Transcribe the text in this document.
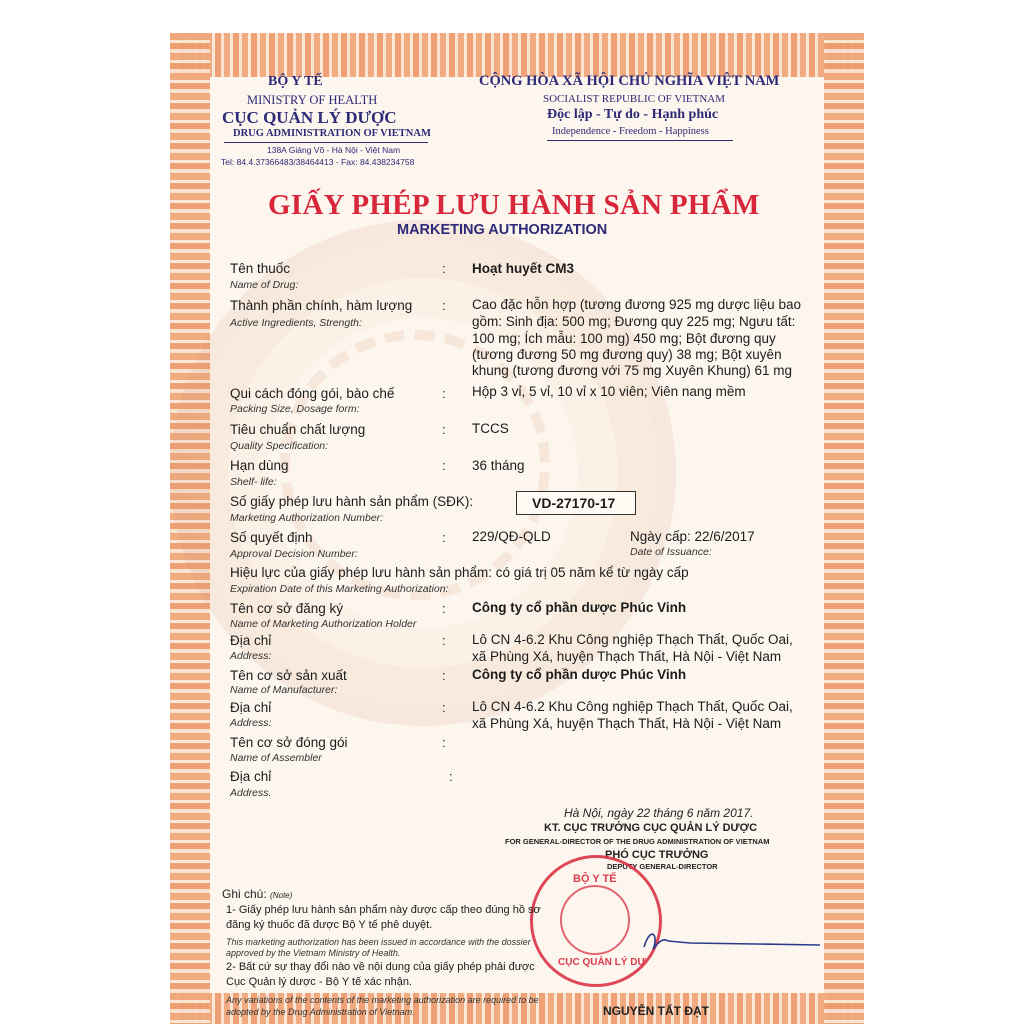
BỘ Y TẾ
MINISTRY OF HEALTH
CỤC QUẢN LÝ DƯỢC
DRUG ADMINISTRATION OF VIETNAM
138A Giảng Võ - Hà Nội - Việt Nam
Tel: 84.4.37366483/38464413 - Fax: 84.438234758
CỘNG HÒA XÃ HỘI CHỦ NGHĨA VIỆT NAM
SOCIALIST REPUBLIC OF VIETNAM
Độc lập - Tự do - Hạnh phúc
Independence - Freedom - Happiness
GIẤY PHÉP LƯU HÀNH SẢN PHẨM
MARKETING AUTHORIZATION
Tên thuốc
Name of Drug:
: Hoạt huyết CM3
Thành phần chính, hàm lượng
Active Ingredients, Strength:
: Cao đặc hỗn hợp (tương đương 925 mg dược liệu bao
gồm: Sinh địa: 500 mg; Đương quy 225 mg; Ngưu tất:
100 mg; Ích mẫu: 100 mg) 450 mg; Bột đương quy
(tương đương 50 mg đương quy) 38 mg; Bột xuyên
khung (tương đương với 75 mg Xuyên Khung) 61 mg
Qui cách đóng gói, bào chế
Packing Size, Dosage form:
: Hộp 3 vỉ, 5 vỉ, 10 vỉ x 10 viên; Viên nang mềm
Tiêu chuẩn chất lượng
Quality Specification:
: TCCS
Hạn dùng
Shelf- life:
: 36 tháng
Số giấy phép lưu hành sản phẩm (SĐK):
Marketing Authorization Number:
VD-27170-17
Số quyết định
Approval Decision Number:
: 229/QĐ-QLD	Ngày cấp: 22/6/2017
Date of Issuance:
Hiệu lực của giấy phép lưu hành sản phẩm: có giá trị 05 năm kể từ ngày cấp
Expiration Date of this Marketing Authorization:
Tên cơ sở đăng ký
Name of Marketing Authorization Holder
: Công ty cổ phần dược Phúc Vinh
Địa chỉ
Address:
: Lô CN 4-6.2 Khu Công nghiệp Thạch Thất, Quốc Oai,
xã Phùng Xá, huyện Thạch Thất, Hà Nội - Việt Nam
Tên cơ sở sản xuất
Name of Manufacturer:
: Công ty cổ phần dược Phúc Vinh
Địa chỉ
Address:
: Lô CN 4-6.2 Khu Công nghiệp Thạch Thất, Quốc Oai,
xã Phùng Xá, huyện Thạch Thất, Hà Nội - Việt Nam
Tên cơ sở đóng gói
Name of Assembler
:
Địa chỉ
Address.
:
Hà Nội, ngày 22 tháng 6 năm 2017.
KT. CỤC TRƯỞNG CỤC QUẢN LÝ DƯỢC
FOR GENERAL-DIRECTOR OF THE DRUG ADMINISTRATION OF VIETNAM
PHÓ CỤC TRƯỞNG
DEPUTY GENERAL-DIRECTOR
BỘ Y TẾ
CỤC QUẢN LÝ DƯ
NGUYỄN TẤT ĐẠT
Ghi chú: (Note)
1- Giấy phép lưu hành sản phẩm này được cấp theo đúng hồ sơ
đăng ký thuốc đã được Bộ Y tế phê duyệt.
This marketing authorization has been issued in accordance with the dossier
approved by the Vietnam Ministry of Health.
2- Bất cứ sự thay đổi nào về nội dung của giấy phép phải được
Cục Quản lý dược - Bộ Y tế xác nhận.
Any variations of the contents of the marketing authorization are required to be
adopted by the Drug Administration of Vietnam.
